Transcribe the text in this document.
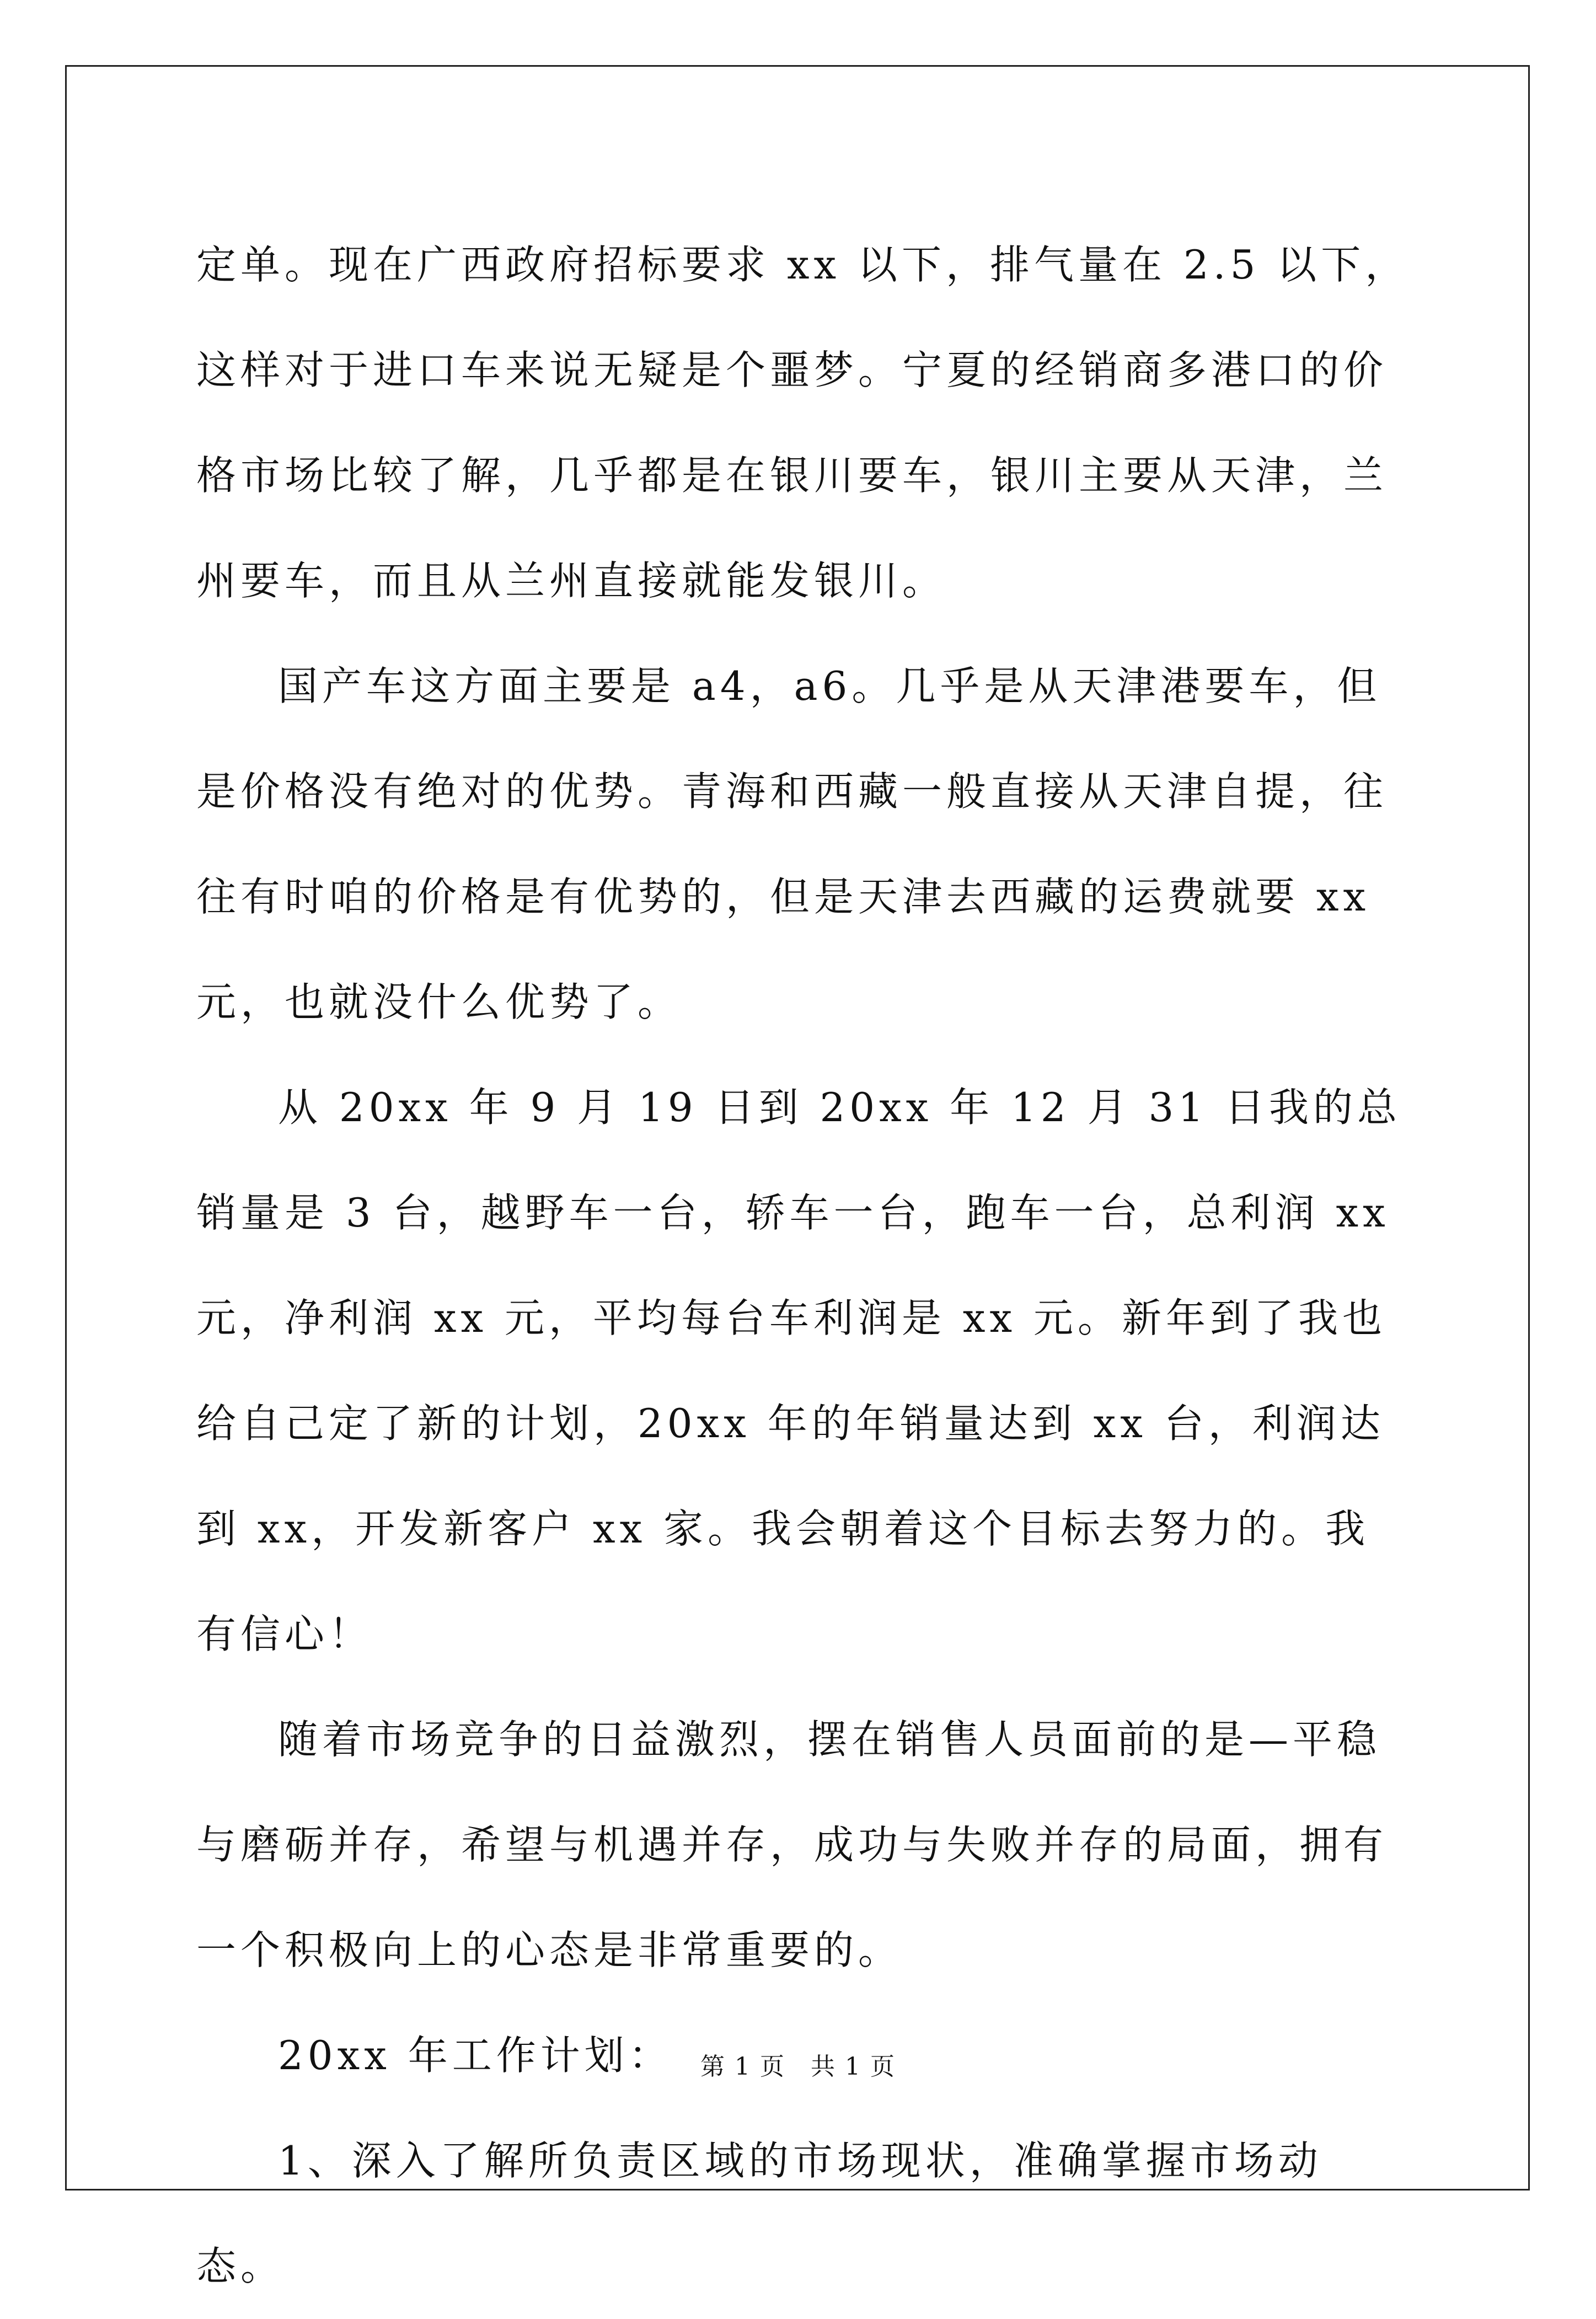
定单。现在广西政府招标要求 xx 以下，排气量在 2.5 以下，这样对于进口车来说无疑是个噩梦。宁夏的经销商多港口的价格市场比较了解，几乎都是在银川要车，银川主要从天津，兰州要车，而且从兰州直接就能发银川。

国产车这方面主要是 a4，a6。几乎是从天津港要车，但是价格没有绝对的优势。青海和西藏一般直接从天津自提，往往有时咱的价格是有优势的，但是天津去西藏的运费就要 xx 元，也就没什么优势了。

从 20xx 年 9 月 19 日到 20xx 年 12 月 31 日我的总销量是 3 台，越野车一台，轿车一台，跑车一台，总利润 xx 元，净利润 xx 元，平均每台车利润是 xx 元。新年到了我也给自己定了新的计划，20xx 年的年销量达到 xx 台，利润达到 xx，开发新客户 xx 家。我会朝着这个目标去努力的。我有信心！

随着市场竞争的日益激烈，摆在销售人员面前的是—平稳与磨砺并存，希望与机遇并存，成功与失败并存的局面，拥有一个积极向上的心态是非常重要的。

20xx 年工作计划：

1、深入了解所负责区域的市场现状，准确掌握市场动态。

第 1 页　共 1 页
